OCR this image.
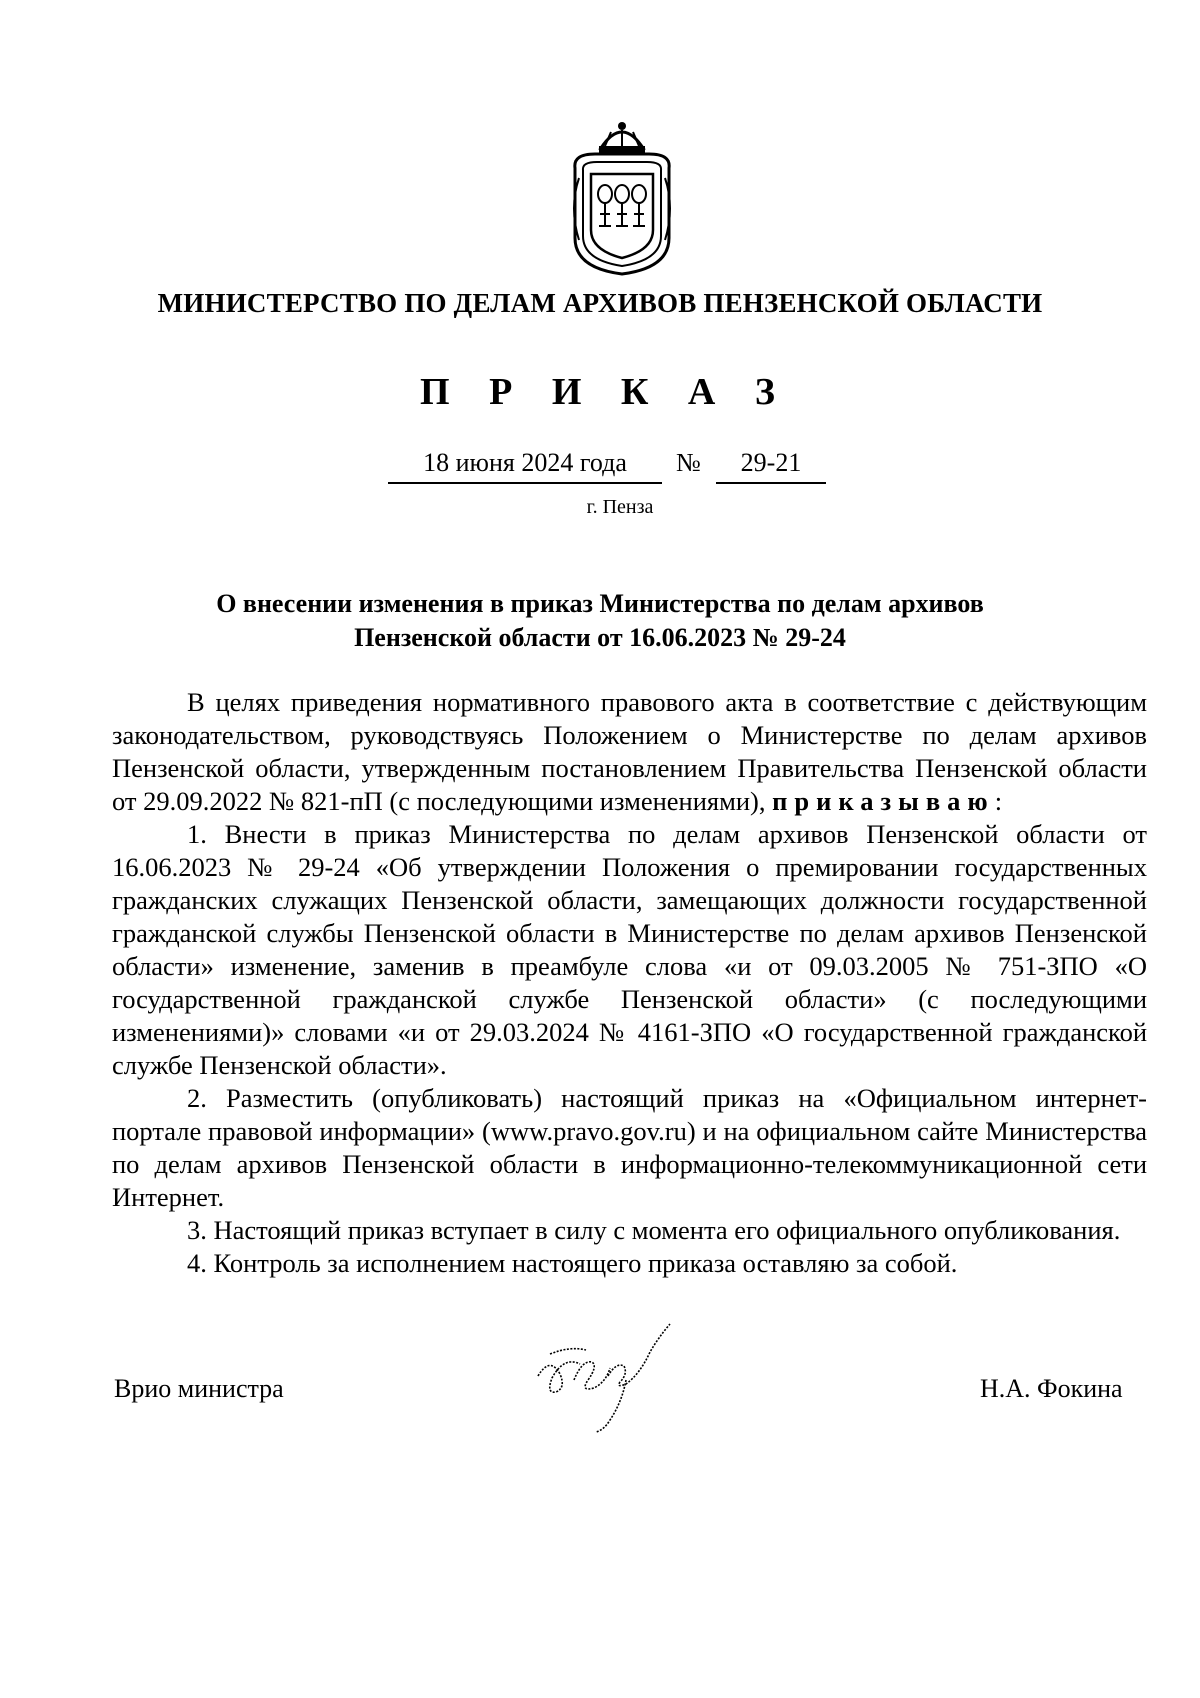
МИНИСТЕРСТВО ПО ДЕЛАМ АРХИВОВ ПЕНЗЕНСКОЙ ОБЛАСТИ
П Р И К А З
18 июня 2024 года	№	29-21
г. Пенза
О внесении изменения в приказ Министерства по делам архивов
Пензенской области от 16.06.2023 № 29-24

В целях приведения нормативного правового акта в соответствие с действующим законодательством, руководствуясь Положением о Министерстве по делам архивов Пензенской области, утвержденным постановлением Правительства Пензенской области от 29.09.2022 № 821-пП (с последующими изменениями), приказываю:

1. Внести в приказ Министерства по делам архивов Пензенской области от 16.06.2023 № 29-24 «Об утверждении Положения о премировании государственных гражданских служащих Пензенской области, замещающих должности государственной гражданской службы Пензенской области в Министерстве по делам архивов Пензенской области» изменение, заменив в преамбуле слова «и от 09.03.2005 № 751-ЗПО «О государственной гражданской службе Пензенской области» (с последующими изменениями)» словами «и от 29.03.2024 № 4161-ЗПО «О государственной гражданской службе Пензенской области».

2. Разместить (опубликовать) настоящий приказ на «Официальном интернет-портале правовой информации» (www.pravo.gov.ru) и на официальном сайте Министерства по делам архивов Пензенской области в информационно-телекоммуникационной сети Интернет.

3. Настоящий приказ вступает в силу с момента его официального опубликования.

4. Контроль за исполнением настоящего приказа оставляю за собой.

Врио министра	Н.А. Фокина
